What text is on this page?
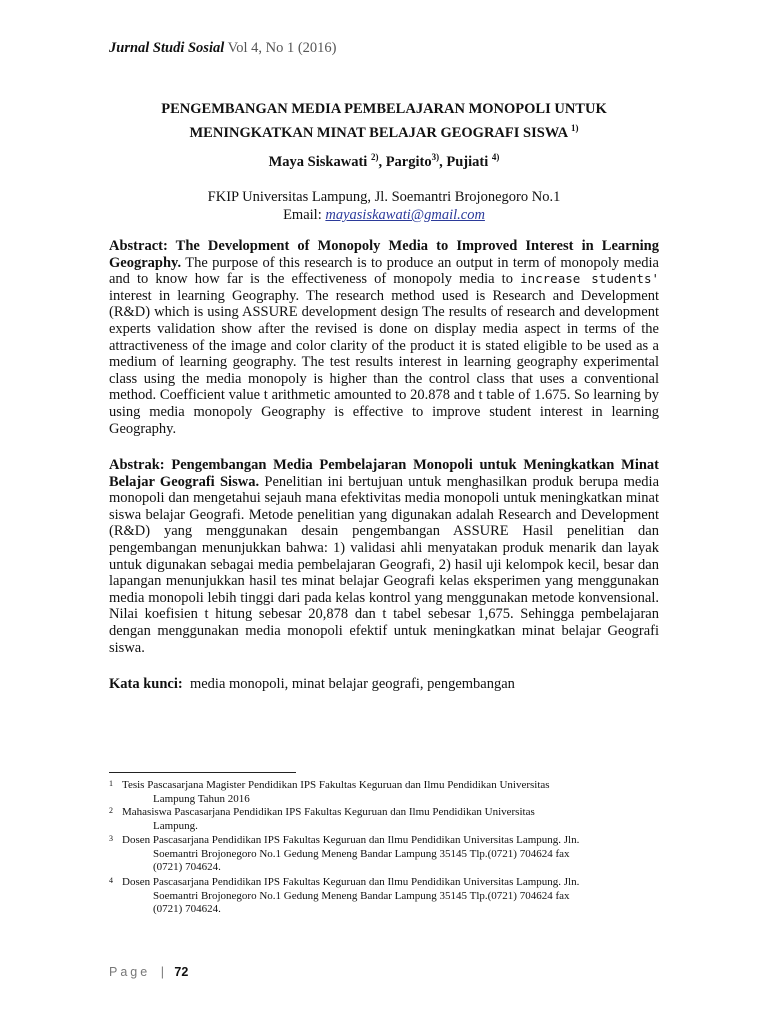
Jurnal Studi Sosial Vol 4, No 1 (2016)
PENGEMBANGAN MEDIA PEMBELAJARAN MONOPOLI UNTUK
MENINGKATKAN MINAT BELAJAR GEOGRAFI SISWA $^{1)}$
Maya Siskawati $^{2)}$, Pargito$^{3)}$, Pujiati $^{4)}$
FKIP Universitas Lampung, Jl. Soemantri Brojonegoro No.1
Email: mayasiskawati@gmail.com
Abstract: The Development of Monopoly Media to Improved Interest in Learning Geography. The purpose of this research is to produce an output in term of monopoly media and to know how far is the effectiveness of monopoly media to increase students' interest in learning Geography. The research method used is Research and Development (R&D) which is using ASSURE development design The results of research and development experts validation show after the revised is done on display media aspect in terms of the attractiveness of the image and color clarity of the product it is stated eligible to be used as a medium of learning geography. The test results interest in learning geography experimental class using the media monopoly is higher than the control class that uses a conventional method. Coefficient value t arithmetic amounted to 20.878 and t table of 1.675. So learning by using media monopoly Geography is effective to improve student interest in learning Geography.
Abstrak: Pengembangan Media Pembelajaran Monopoli untuk Meningkatkan Minat Belajar Geografi Siswa. Penelitian ini bertujuan untuk menghasilkan produk berupa media monopoli dan mengetahui sejauh mana efektivitas media monopoli untuk meningkatkan minat siswa belajar Geografi. Metode penelitian yang digunakan adalah Research and Development (R&D) yang menggunakan desain pengembangan ASSURE Hasil penelitian dan pengembangan menunjukkan bahwa: 1) validasi ahli menyatakan produk menarik dan layak untuk digunakan sebagai media pembelajaran Geografi, 2) hasil uji kelompok kecil, besar dan lapangan menunjukkan hasil tes minat belajar Geografi kelas eksperimen yang menggunakan media monopoli lebih tinggi dari pada kelas kontrol yang menggunakan metode konvensional. Nilai koefisien t hitung sebesar 20,878 dan t tabel sebesar 1,675. Sehingga pembelajaran dengan menggunakan media monopoli efektif untuk meningkatkan minat belajar Geografi siswa.
Kata kunci: media monopoli, minat belajar geografi, pengembangan
1 Tesis Pascasarjana Magister Pendidikan IPS Fakultas Keguruan dan Ilmu Pendidikan Universitas
Lampung Tahun 2016
2 Mahasiswa Pascasarjana Pendidikan IPS Fakultas Keguruan dan Ilmu Pendidikan Universitas
Lampung.
3 Dosen Pascasarjana Pendidikan IPS Fakultas Keguruan dan Ilmu Pendidikan Universitas Lampung. Jln.
Soemantri Brojonegoro No.1 Gedung Meneng Bandar Lampung 35145 Tlp.(0721) 704624 fax
(0721) 704624.
4 Dosen Pascasarjana Pendidikan IPS Fakultas Keguruan dan Ilmu Pendidikan Universitas Lampung. Jln.
Soemantri Brojonegoro No.1 Gedung Meneng Bandar Lampung 35145 Tlp.(0721) 704624 fax
(0721) 704624.
Page | 72
